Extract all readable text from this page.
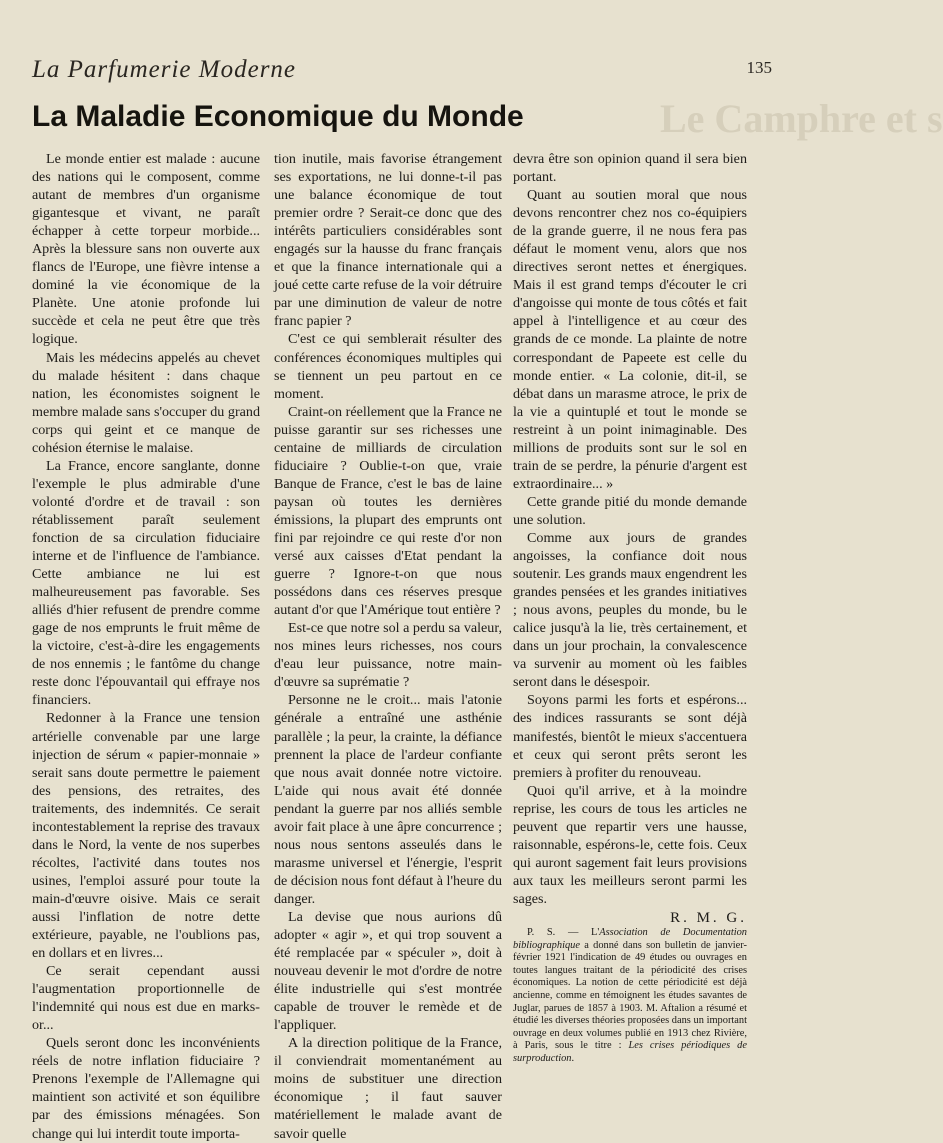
Le Camphre et s
La Parfumerie Moderne	135
La Maladie Economique du Monde

Le monde entier est malade : aucune des nations qui le composent, comme autant de membres d'un organisme gigantesque et vivant, ne paraît échapper à cette torpeur morbide... Après la blessure sans non ouverte aux flancs de l'Europe, une fièvre intense a dominé la vie économique de la Planète. Une atonie profonde lui succède et cela ne peut être que très logique.

Mais les médecins appelés au chevet du malade hésitent : dans chaque nation, les économistes soignent le membre malade sans s'occuper du grand corps qui geint et ce manque de cohésion éternise le malaise.

La France, encore sanglante, donne l'exemple le plus admirable d'une volonté d'ordre et de travail : son rétablissement paraît seulement fonction de sa circulation fiduciaire interne et de l'influence de l'ambiance. Cette ambiance ne lui est malheureusement pas favorable. Ses alliés d'hier refusent de prendre comme gage de nos emprunts le fruit même de la victoire, c'est-à-dire les engagements de nos ennemis ; le fantôme du change reste donc l'épouvantail qui effraye nos financiers.

Redonner à la France une tension artérielle convenable par une large injection de sérum « papier-monnaie » serait sans doute permettre le paiement des pensions, des retraites, des traitements, des indemnités. Ce serait incontestablement la reprise des travaux dans le Nord, la vente de nos superbes récoltes, l'activité dans toutes nos usines, l'emploi assuré pour toute la main-d'œuvre oisive. Mais ce serait aussi l'inflation de notre dette extérieure, payable, ne l'oublions pas, en dollars et en livres...

Ce serait cependant aussi l'augmentation proportionnelle de l'indemnité qui nous est due en marks-or...

Quels seront donc les inconvénients réels de notre inflation fiduciaire ? Prenons l'exemple de l'Allemagne qui maintient son activité et son équilibre par des émissions ménagées. Son change qui lui interdit toute importa-

tion inutile, mais favorise étrangement ses exportations, ne lui donne-t-il pas une balance économique de tout premier ordre ? Serait-ce donc que des intérêts particuliers considérables sont engagés sur la hausse du franc français et que la finance internationale qui a joué cette carte refuse de la voir détruire par une diminution de valeur de notre franc papier ?

C'est ce qui semblerait résulter des conférences économiques multiples qui se tiennent un peu partout en ce moment.

Craint-on réellement que la France ne puisse garantir sur ses richesses une centaine de milliards de circulation fiduciaire ? Oublie-t-on que, vraie Banque de France, c'est le bas de laine paysan où toutes les dernières émissions, la plupart des emprunts ont fini par rejoindre ce qui reste d'or non versé aux caisses d'Etat pendant la guerre ? Ignore-t-on que nous possédons dans ces réserves presque autant d'or que l'Amérique tout entière ?

Est-ce que notre sol a perdu sa valeur, nos mines leurs richesses, nos cours d'eau leur puissance, notre main-d'œuvre sa suprématie ?

Personne ne le croit... mais l'atonie générale a entraîné une asthénie parallèle ; la peur, la crainte, la défiance prennent la place de l'ardeur confiante que nous avait donnée notre victoire. L'aide qui nous avait été donnée pendant la guerre par nos alliés semble avoir fait place à une âpre concurrence ; nous nous sentons asseulés dans le marasme universel et l'énergie, l'esprit de décision nous font défaut à l'heure du danger.

La devise que nous aurions dû adopter « agir », et qui trop souvent a été remplacée par « spéculer », doit à nouveau devenir le mot d'ordre de notre élite industrielle qui s'est montrée capable de trouver le remède et de l'appliquer.

A la direction politique de la France, il conviendrait momentanément au moins de substituer une direction économique ; il faut sauver matériellement le malade avant de savoir quelle

devra être son opinion quand il sera bien portant.

Quant au soutien moral que nous devons rencontrer chez nos co-équipiers de la grande guerre, il ne nous fera pas défaut le moment venu, alors que nos directives seront nettes et énergiques. Mais il est grand temps d'écouter le cri d'angoisse qui monte de tous côtés et fait appel à l'intelligence et au cœur des grands de ce monde. La plainte de notre correspondant de Papeete est celle du monde entier. « La colonie, dit-il, se débat dans un marasme atroce, le prix de la vie a quintuplé et tout le monde se restreint à un point inimaginable. Des millions de produits sont sur le sol en train de se perdre, la pénurie d'argent est extraordinaire... »

Cette grande pitié du monde demande une solution.

Comme aux jours de grandes angoisses, la confiance doit nous soutenir. Les grands maux engendrent les grandes pensées et les grandes initiatives ; nous avons, peuples du monde, bu le calice jusqu'à la lie, très certainement, et dans un jour prochain, la convalescence va survenir au moment où les faibles seront dans le désespoir.

Soyons parmi les forts et espérons... des indices rassurants se sont déjà manifestés, bientôt le mieux s'accentuera et ceux qui seront prêts seront les premiers à profiter du renouveau.

Quoi qu'il arrive, et à la moindre reprise, les cours de tous les articles ne peuvent que repartir vers une hausse, raisonnable, espérons-le, cette fois. Ceux qui auront sagement fait leurs provisions aux taux les meilleurs seront parmi les sages.

R. M. G.

P. S. — L'Association de Documentation bibliographique a donné dans son bulletin de janvier-février 1921 l'indication de 49 études ou ouvrages en toutes langues traitant de la périodicité des crises économiques. La notion de cette périodicité est déjà ancienne, comme en témoignent les études savantes de Juglar, parues de 1857 à 1903. M. Aftalion a résumé et étudié les diverses théories proposées dans un important ouvrage en deux volumes publié en 1913 chez Rivière, à Paris, sous le titre : Les crises périodiques de surproduction.
